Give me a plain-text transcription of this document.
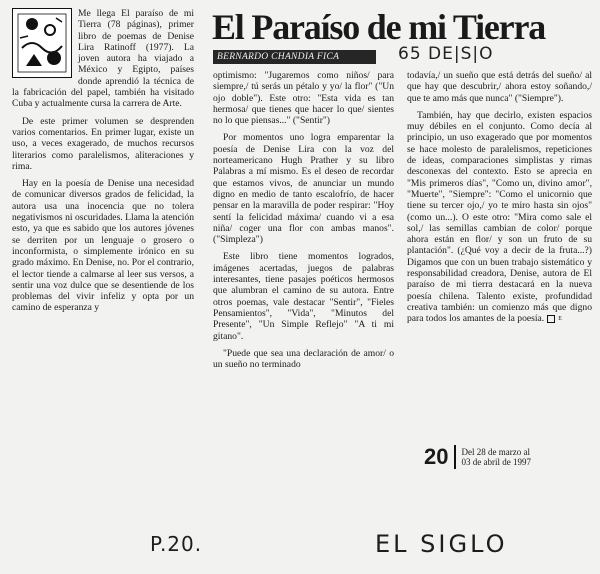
Me llega El paraíso de mi Tierra (78 páginas), primer libro de poemas de Denise Lira Ratinoff (1977). La joven autora ha viajado a México y Egipto, países donde aprendió la técnica de la fabricación del papel, también ha visitado Cuba y actualmente cursa la carrera de Arte.

De este primer volumen se desprenden varios comentarios. En primer lugar, existe un uso, a veces exagerado, de muchos recursos literarios como paralelismos, aliteraciones y rima.

Hay en la poesía de Denise una necesidad de comunicar diversos grados de felicidad, la autora usa una inocencia que no tolera negativismos ni oscuridades. Llama la atención esto, ya que es sabido que los autores jóvenes se derriten por un lenguaje o grosero o inconformista, o simplemente irónico en su grado máximo. En Denise, no. Por el contrario, el lector tiende a calmarse al leer sus versos, a sentir una voz dulce que se desentiende de los problemas del vivir infeliz y opta por un camino de esperanza y

El Paraíso de mi Tierra
BERNARDO CHANDIA FICA	65 DE|S|O

optimismo: "Jugaremos como niños/ para siempre,/ tú serás un pétalo y yo/ la flor" ("Un ojo doble"). Este otro: "Esta vida es tan hermosa/ que tienes que hacer lo que/ sientes no lo que piensas..." ("Sentir")

Por momentos uno logra emparentar la poesía de Denise Lira con la voz del norteamericano Hugh Prather y su libro Palabras a mí mismo. Es el deseo de recordar que estamos vivos, de anunciar un mundo digno en medio de tanto escalofrío, de hacer pensar en la maravilla de poder respirar: "Hoy sentí la felicidad máxima/ cuando vi a esa niña/ coger una flor con ambas manos". ("Simpleza")

Este libro tiene momentos logrados, imágenes acertadas, juegos de palabras interesantes, tiene pasajes poéticos hermosos que alumbran el camino de su autora. Entre otros poemas, vale destacar "Sentir", "Fieles Pensamientos", "Vida", "Minutos del Presente", "Un Simple Reflejo" "A ti mi gitano".

"Puede que sea una declaración de amor/ o un sueño no terminado

todavía,/ un sueño que está detrás del sueño/ al que hay que descubrir,/ ahora estoy soñando,/ que te amo más que nunca" ("Siempre").

También, hay que decirlo, existen espacios muy débiles en el conjunto. Como decía al principio, un uso exagerado que por momentos se hace molesto de paralelismos, repeticiones de ideas, comparaciones simplistas y rimas desconexas del contexto. Esto se aprecia en "Mis primeros días", "Como un, divino amor", "Muerte", "Siempre": "Como el unicornio que tiene su tercer ojo,/ yo te miro hasta sin ojos" (como un...). O este otro: "Mira como sale el sol,/ las semillas cambian de color/ porque ahora están en flor/ y son un fruto de su plantación". (¿Qué voy a decir de la fruta...?) Digamos que con un buen trabajo sistemático y responsabilidad creadora, Denise, autora de El paraíso de mi tierra destacará en la nueva poesía chilena. Talento existe, profundidad creativa también: un comienzo más que digno para todos los amantes de la poesía. E

20	Del 28 de marzo al
03 de abril de 1997
P.20.	EL SIGLO
